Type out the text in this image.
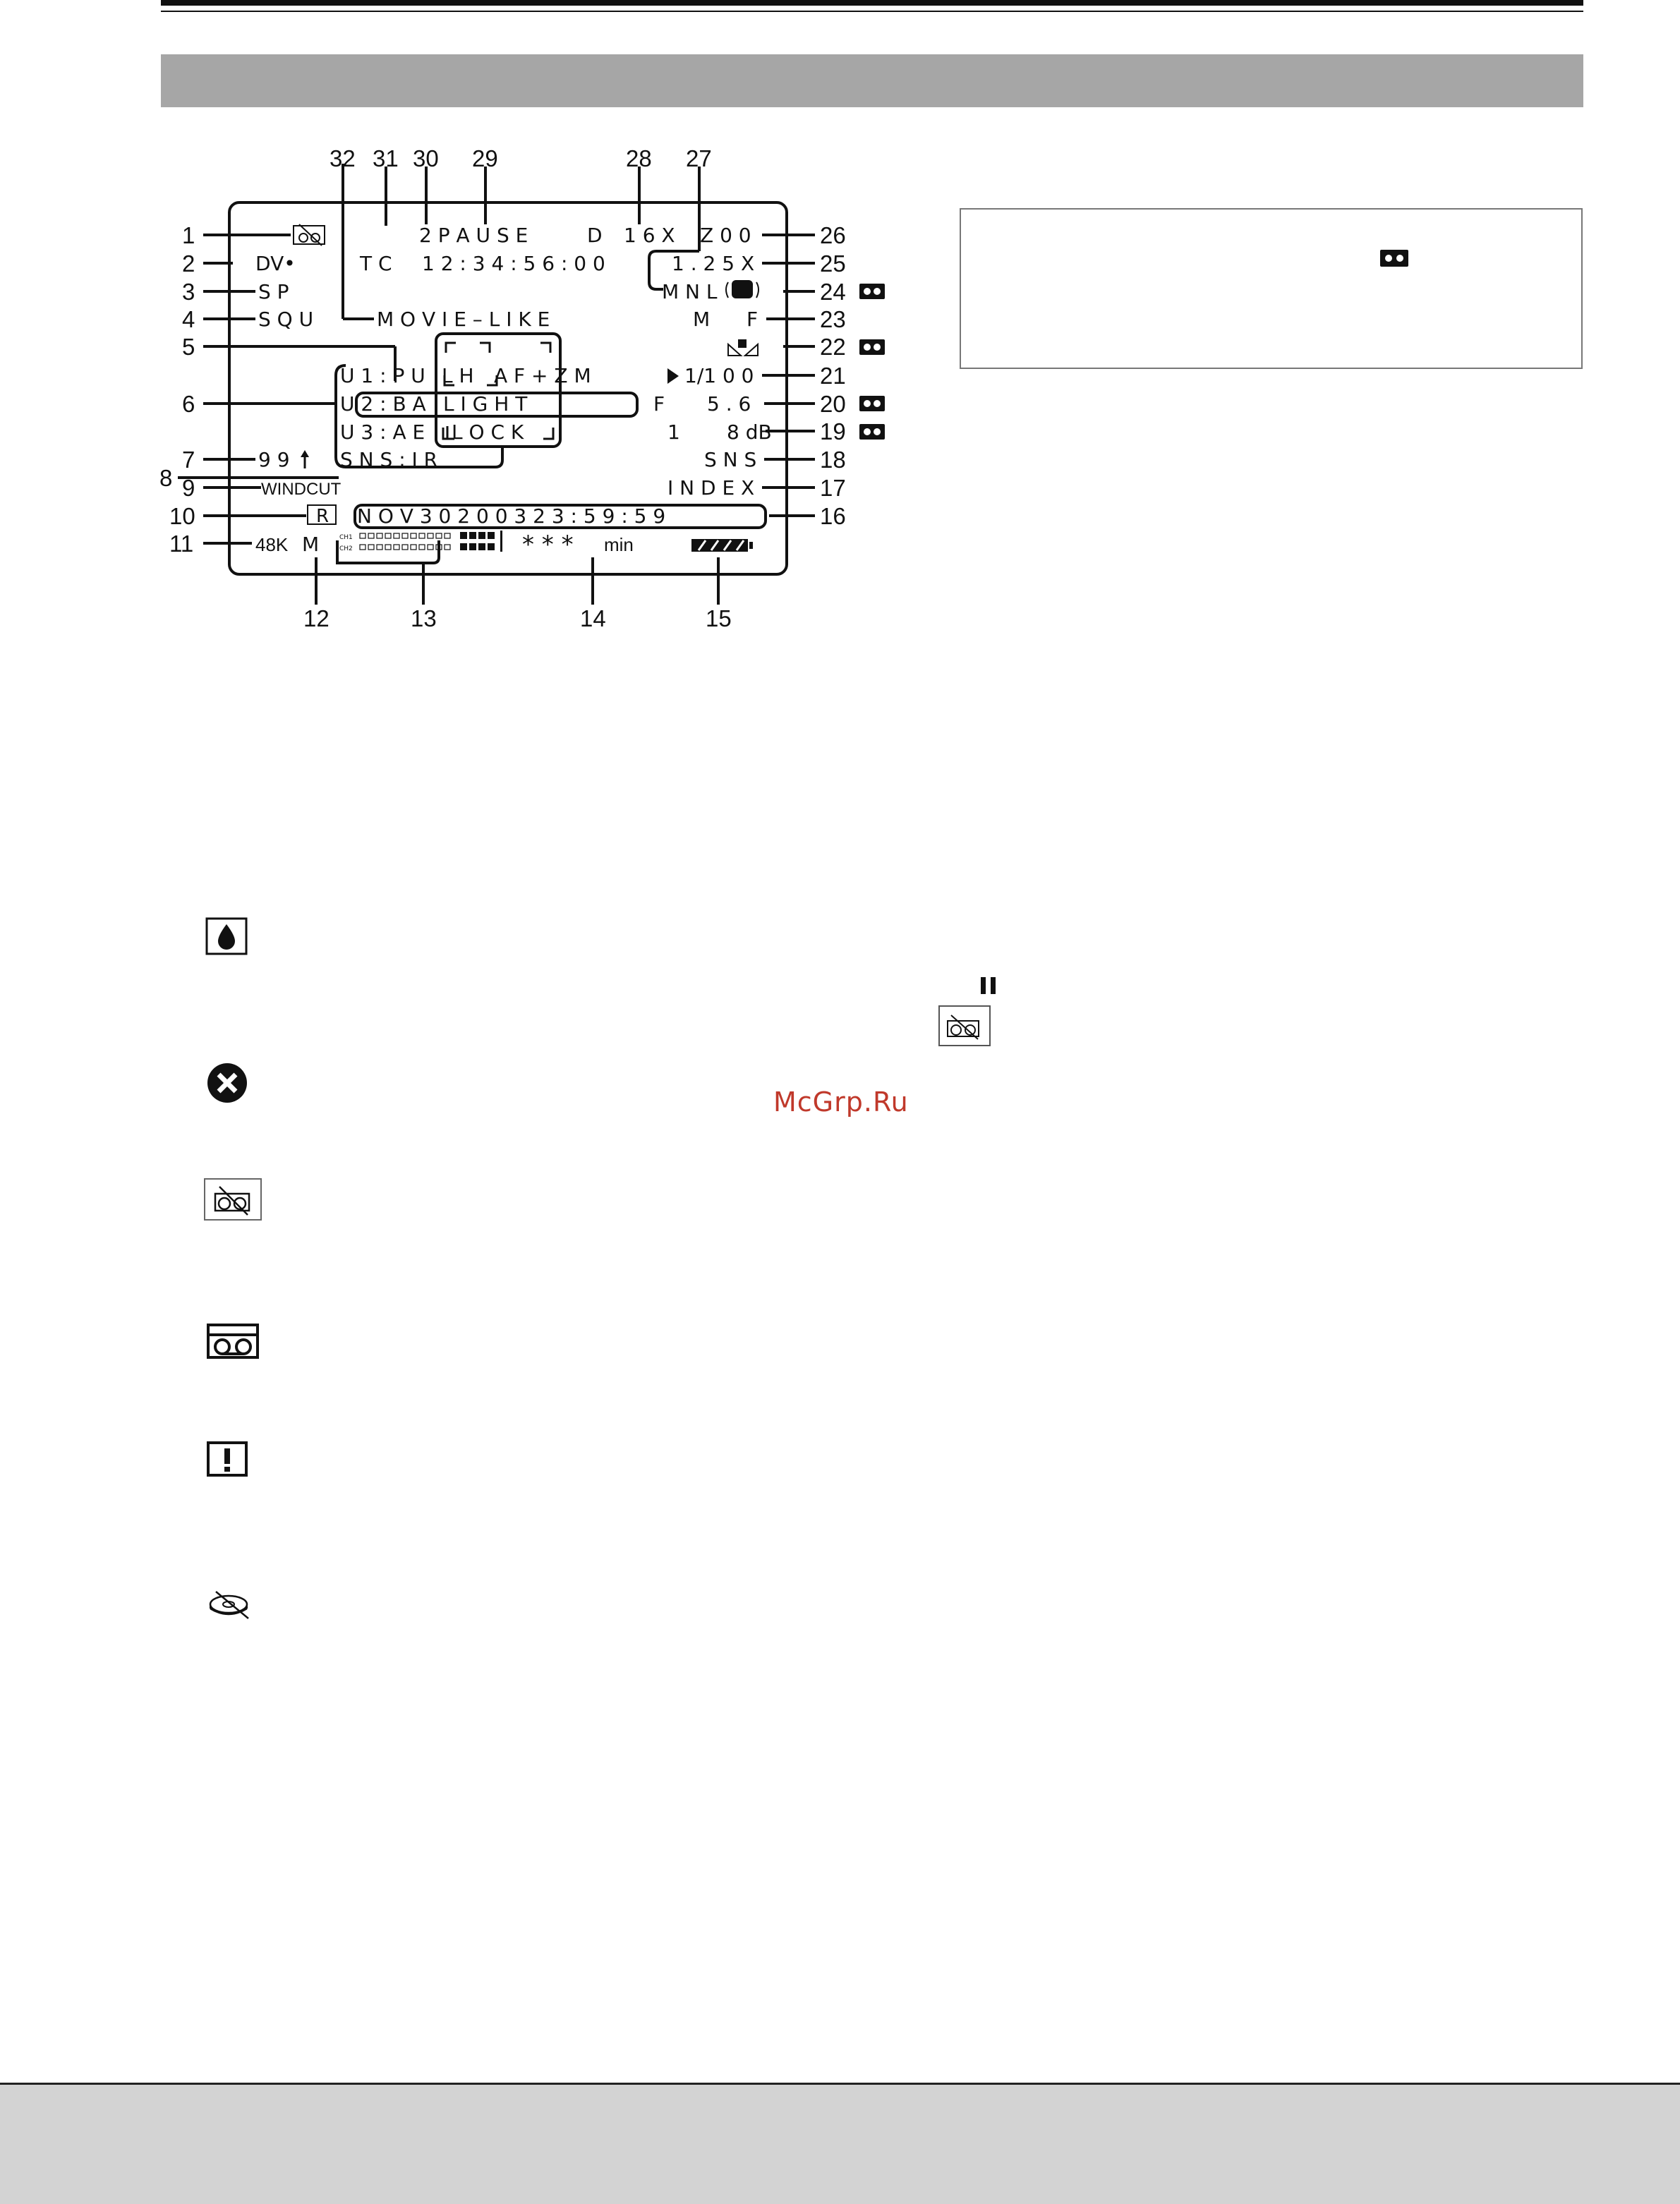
1
2
3
4
5
6
7
8 9
10
11
12	13	14	15
16
17
18
19
20
21
22
23
24
25
26
27
28
29
30
31
32
DV•
S P
S Q U
T C 1 2 : 3 4 : 5 6 : 0 0
2 P A U S E	D 1 6 X Z 0 0
1 . 2 5 X
M N L
M O V I E – L I K E	M F
U 1 : P U L H A F + Z M
U 2 : B A L I G H T
U 3 : A E L O C K
S N S : I R
1/1 0 0
F 5 . 6
1 8 dB
S N S
9 9
WINDCUT	I N D E X
N O V 3 0 2 0 0 3 2 3 : 5 9 : 5 9
48K M	* * * min
CH1
CH2
R
McGrp.Ru
